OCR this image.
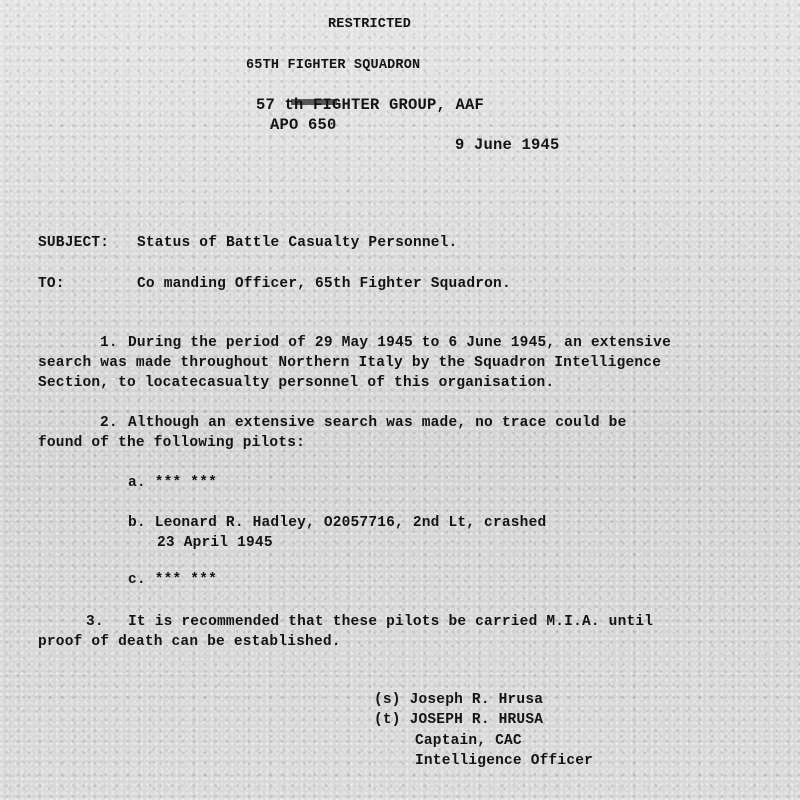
RESTRICTED
65TH FIGHTER SQUADRON

57 th FIGHTER GROUP, AAF
APO 650
9 June 1945
SUBJECT: Status of Battle Casualty Personnel.
TO:	Co manding Officer, 65th Fighter Squadron.
1. During the period of 29 May 1945 to 6 June 1945, an extensive
search was made throughout Northern Italy by the Squadron Intelligence
Section, to locatecasualty personnel of this organisation.
2. Although an extensive search was made, no trace could be
found of the following pilots:
a. *** ***
b. Leonard R. Hadley, O2057716, 2nd Lt, crashed
23 April 1945
c. *** ***
3. It is recommended that these pilots be carried M.I.A. until
proof of death can be established.
(s) Joseph R. Hrusa
(t) JOSEPH R. HRUSA
Captain, CAC
Intelligence Officer
